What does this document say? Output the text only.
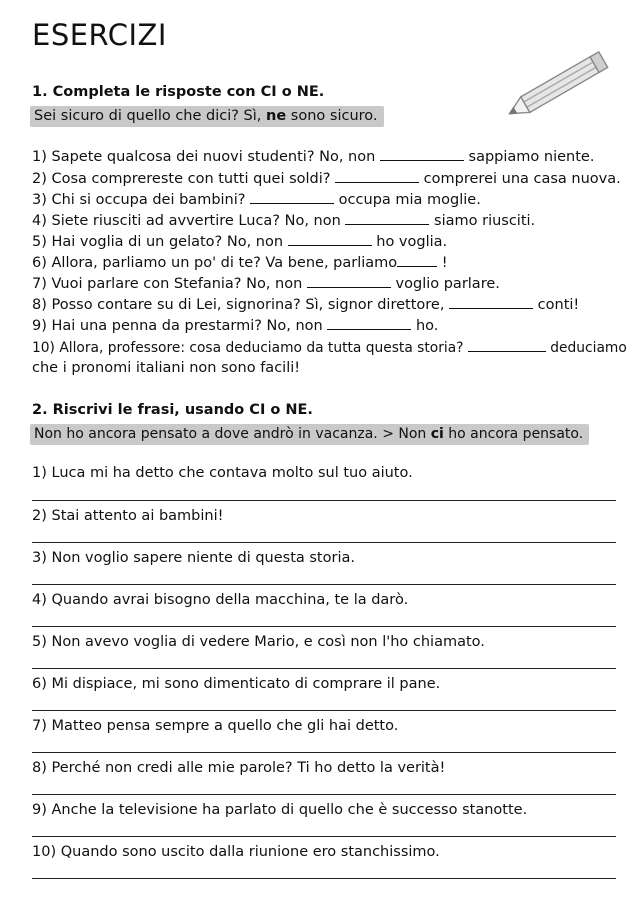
ESERCIZI
1. Completa le risposte con CI o NE.
Sei sicuro di quello che dici? Sì, ne sono sicuro.
1) Sapete qualcosa dei nuovi studenti? No, non	sappiamo niente.
2) Cosa comprereste con tutti quei soldi?	comprerei una casa nuova.
3) Chi si occupa dei bambini?	occupa mia moglie.
4) Siete riusciti ad avvertire Luca? No, non	siamo riusciti.
5) Hai voglia di un gelato? No, non	ho voglia.
6) Allora, parliamo un po' di te? Va bene, parliamo	!
7) Vuoi parlare con Stefania? No, non	voglio parlare.
8) Posso contare su di Lei, signorina? Sì, signor direttore,	conti!
9) Hai una penna da prestarmi? No, non	ho.
10) Allora, professore: cosa deduciamo da tutta questa storia?	deduciamo
che i pronomi italiani non sono facili!
2. Riscrivi le frasi, usando CI o NE.
Non ho ancora pensato a dove andrò in vacanza. > Non ci ho ancora pensato.
1) Luca mi ha detto che contava molto sul tuo aiuto.
2) Stai attento ai bambini!
3) Non voglio sapere niente di questa storia.
4) Quando avrai bisogno della macchina, te la darò.
5) Non avevo voglia di vedere Mario, e così non l'ho chiamato.
6) Mi dispiace, mi sono dimenticato di comprare il pane.
7) Matteo pensa sempre a quello che gli hai detto.
8) Perché non credi alle mie parole? Ti ho detto la verità!
9) Anche la televisione ha parlato di quello che è successo stanotte.
10) Quando sono uscito dalla riunione ero stanchissimo.
